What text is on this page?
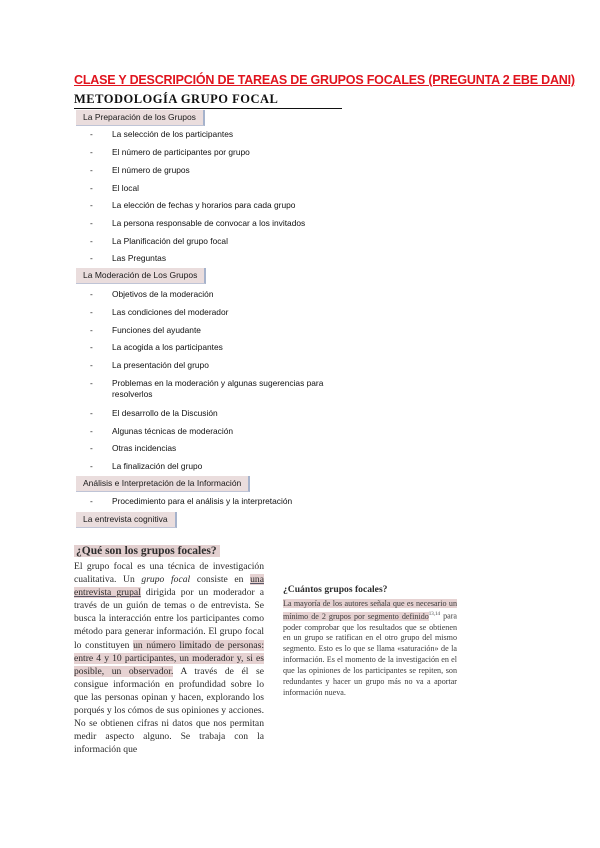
CLASE Y DESCRIPCIÓN DE TAREAS DE GRUPOS FOCALES (PREGUNTA 2 EBE DANI)
METODOLOGÍA GRUPO FOCAL
La Preparación de los Grupos
- La selección de los participantes
- El número de participantes por grupo
- El número de grupos
- El local
- La elección de fechas y horarios para cada grupo
- La persona responsable de convocar a los invitados
- La Planificación del grupo focal
- Las Preguntas
La Moderación de Los Grupos
- Objetivos de la moderación
- Las condiciones del moderador
- Funciones del ayudante
- La acogida a los participantes
- La presentación del grupo
- Problemas en la moderación y algunas sugerencias para resolverlos
- El desarrollo de la Discusión
- Algunas técnicas de moderación
- Otras incidencias
- La finalización del grupo
Análisis e Interpretación de la Información
- Procedimiento para el análisis y la interpretación
La entrevista cognitiva
¿Qué son los grupos focales?

El grupo focal es una técnica de investigación cualitativa. Un grupo focal consiste en una entrevista grupal dirigida por un moderador a través de un guión de temas o de entrevista. Se busca la interacción entre los participantes como método para generar información. El grupo focal lo constituyen un número limitado de personas: entre 4 y 10 participantes, un moderador y, si es posible, un observador. A través de él se consigue información en profundidad sobre lo que las personas opinan y hacen, explorando los porqués y los cómos de sus opiniones y acciones. No se obtienen cifras ni datos que nos permitan medir aspecto alguno. Se trabaja con la información que

¿Cuántos grupos focales?

La mayoría de los autores señala que es necesario un mínimo de 2 grupos por segmento definido$^{13,14}$ para poder comprobar que los resultados que se obtienen en un grupo se ratifican en el otro grupo del mismo segmento. Esto es lo que se llama «saturación» de la información. Es el momento de la investigación en el que las opiniones de los participantes se repiten, son redundantes y hacer un grupo más no va a aportar información nueva.
